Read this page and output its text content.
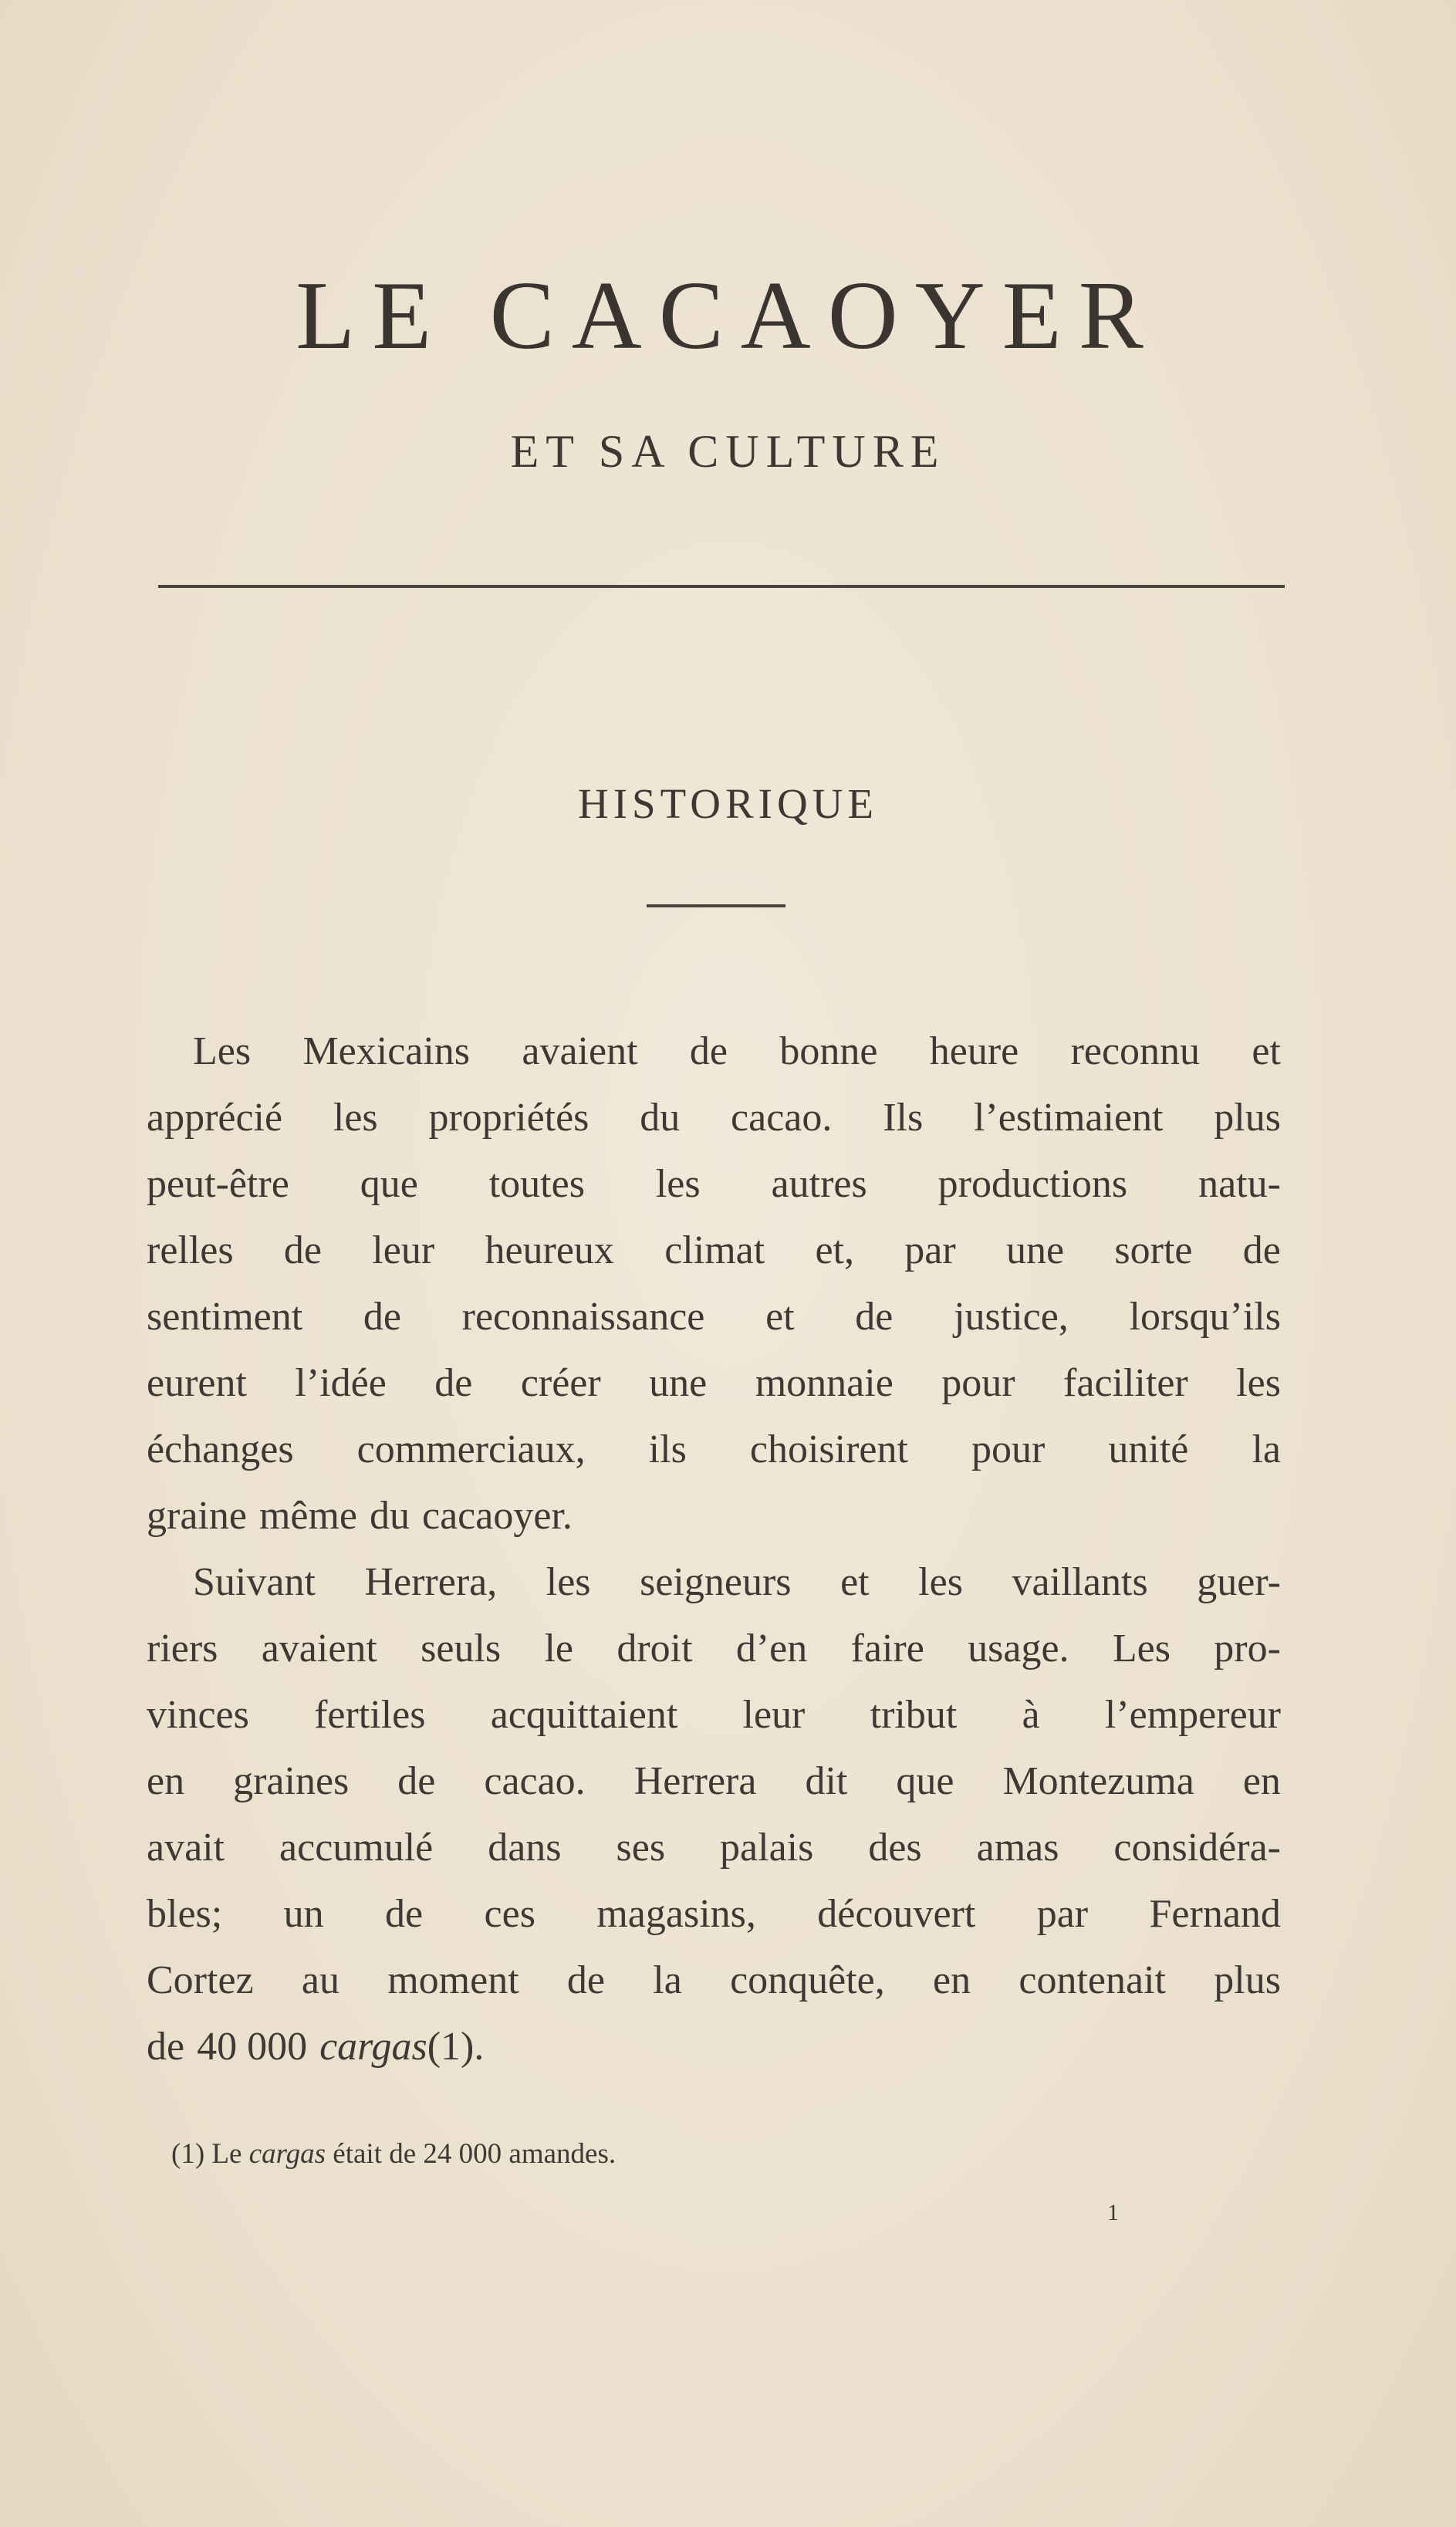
LE CACAOYER
ET SA CULTURE
HISTORIQUE
Les Mexicains avaient de bonne heure reconnu et
apprécié les propriétés du cacao. Ils l’estimaient plus
peut-être que toutes les autres productions natu-
relles de leur heureux climat et, par une sorte de
sentiment de reconnaissance et de justice, lorsqu’ils
eurent l’idée de créer une monnaie pour faciliter les
échanges commerciaux, ils choisirent pour unité la
graine même du cacaoyer.
Suivant Herrera, les seigneurs et les vaillants guer-
riers avaient seuls le droit d’en faire usage. Les pro-
vinces fertiles acquittaient leur tribut à l’empereur
en graines de cacao. Herrera dit que Montezuma en
avait accumulé dans ses palais des amas considéra-
bles; un de ces magasins, découvert par Fernand
Cortez au moment de la conquête, en contenait plus
de 40 000 cargas (1).
(1) Le cargas était de 24 000 amandes.
1
